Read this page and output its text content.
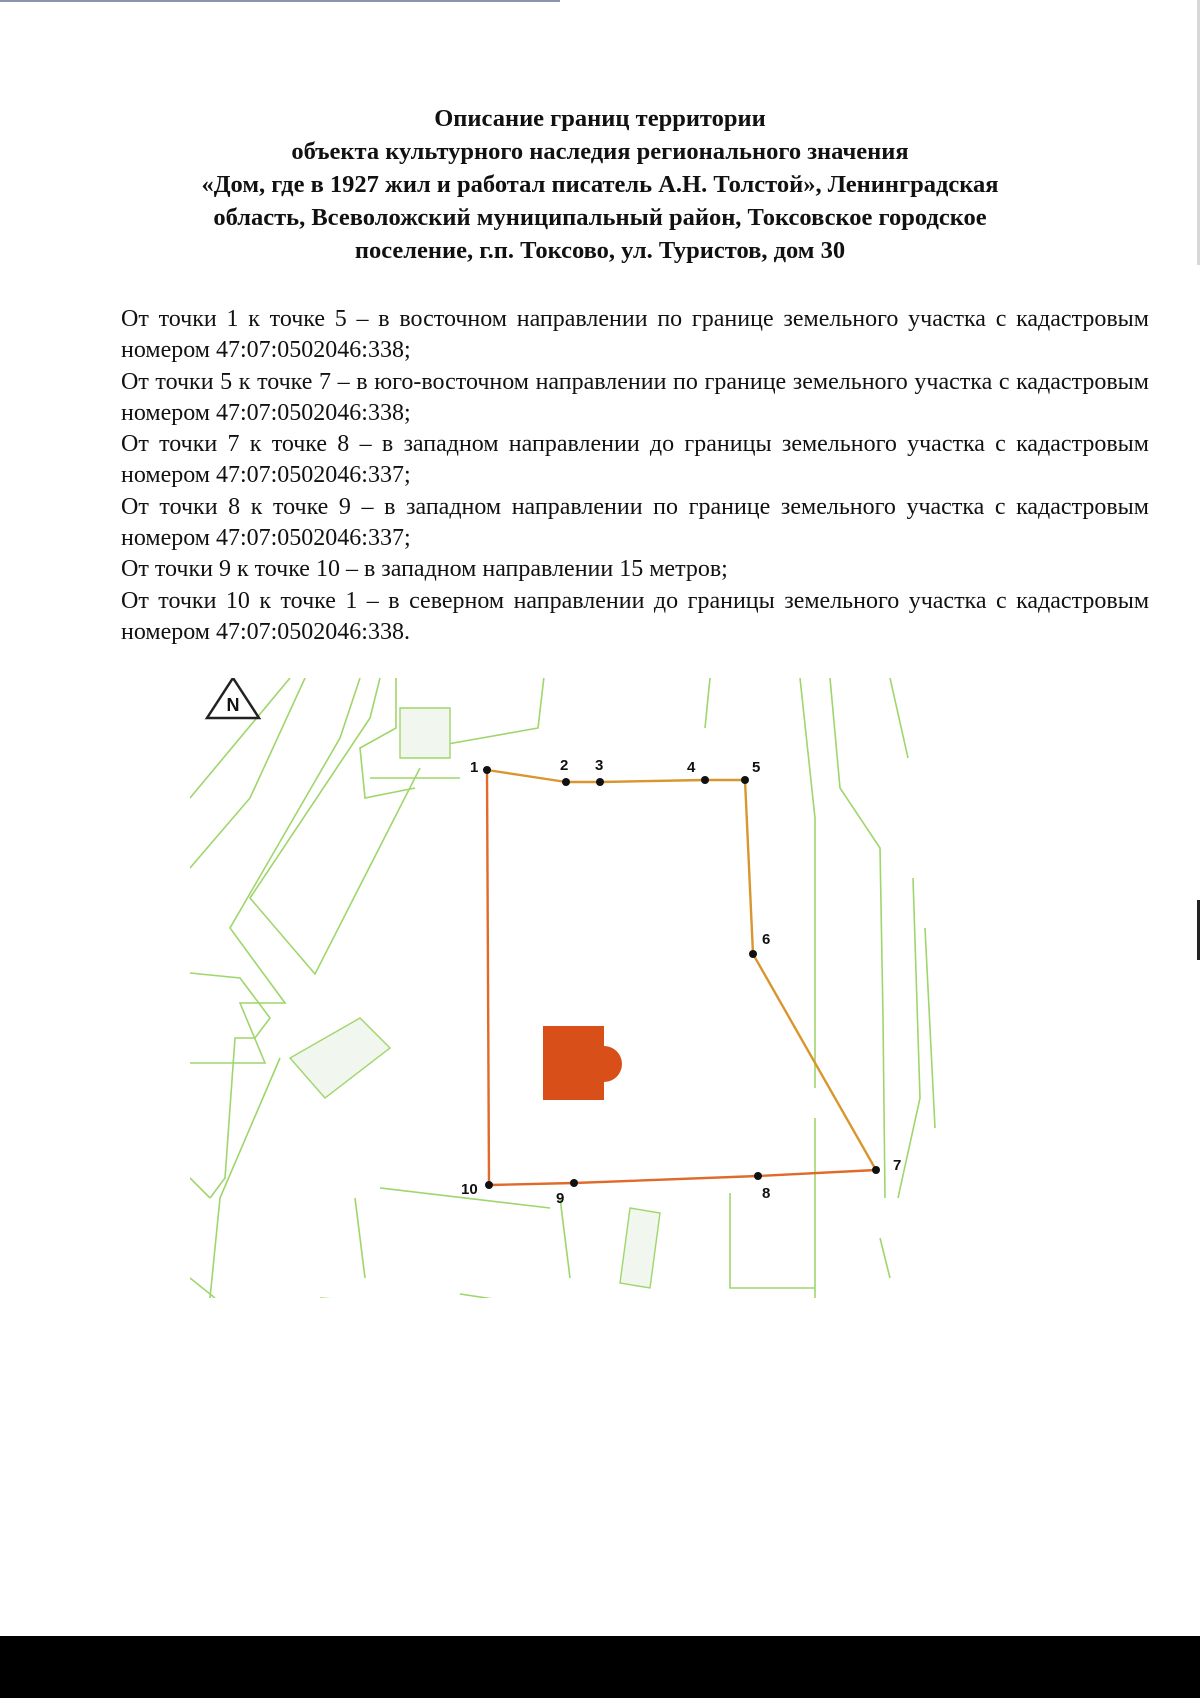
Описание границ территории
объекта культурного наследия регионального значения
«Дом, где в 1927 жил и работал писатель А.Н. Толстой», Ленинградская
область, Всеволожский муниципальный район, Токсовское городское
поселение, г.п. Токсово, ул. Туристов, дом 30
От точки 1 к точке 5 – в восточном направлении по границе земельного участка с кадастровым номером 47:07:0502046:338;
От точки 5 к точке 7 – в юго-восточном направлении по границе земельного участка с кадастровым номером 47:07:0502046:338;
От точки 7 к точке 8 – в западном направлении до границы земельного участка с кадастровым номером 47:07:0502046:337;
От точки 8 к точке 9 – в западном направлении по границе земельного участка с кадастровым номером 47:07:0502046:337;
От точки 9 к точке 10 – в западном направлении 15 метров;
От точки 10 к точке 1 – в северном направлении до границы земельного участка с кадастровым номером 47:07:0502046:338.
N
1	2 3	4	5
6
7
8
9
10
